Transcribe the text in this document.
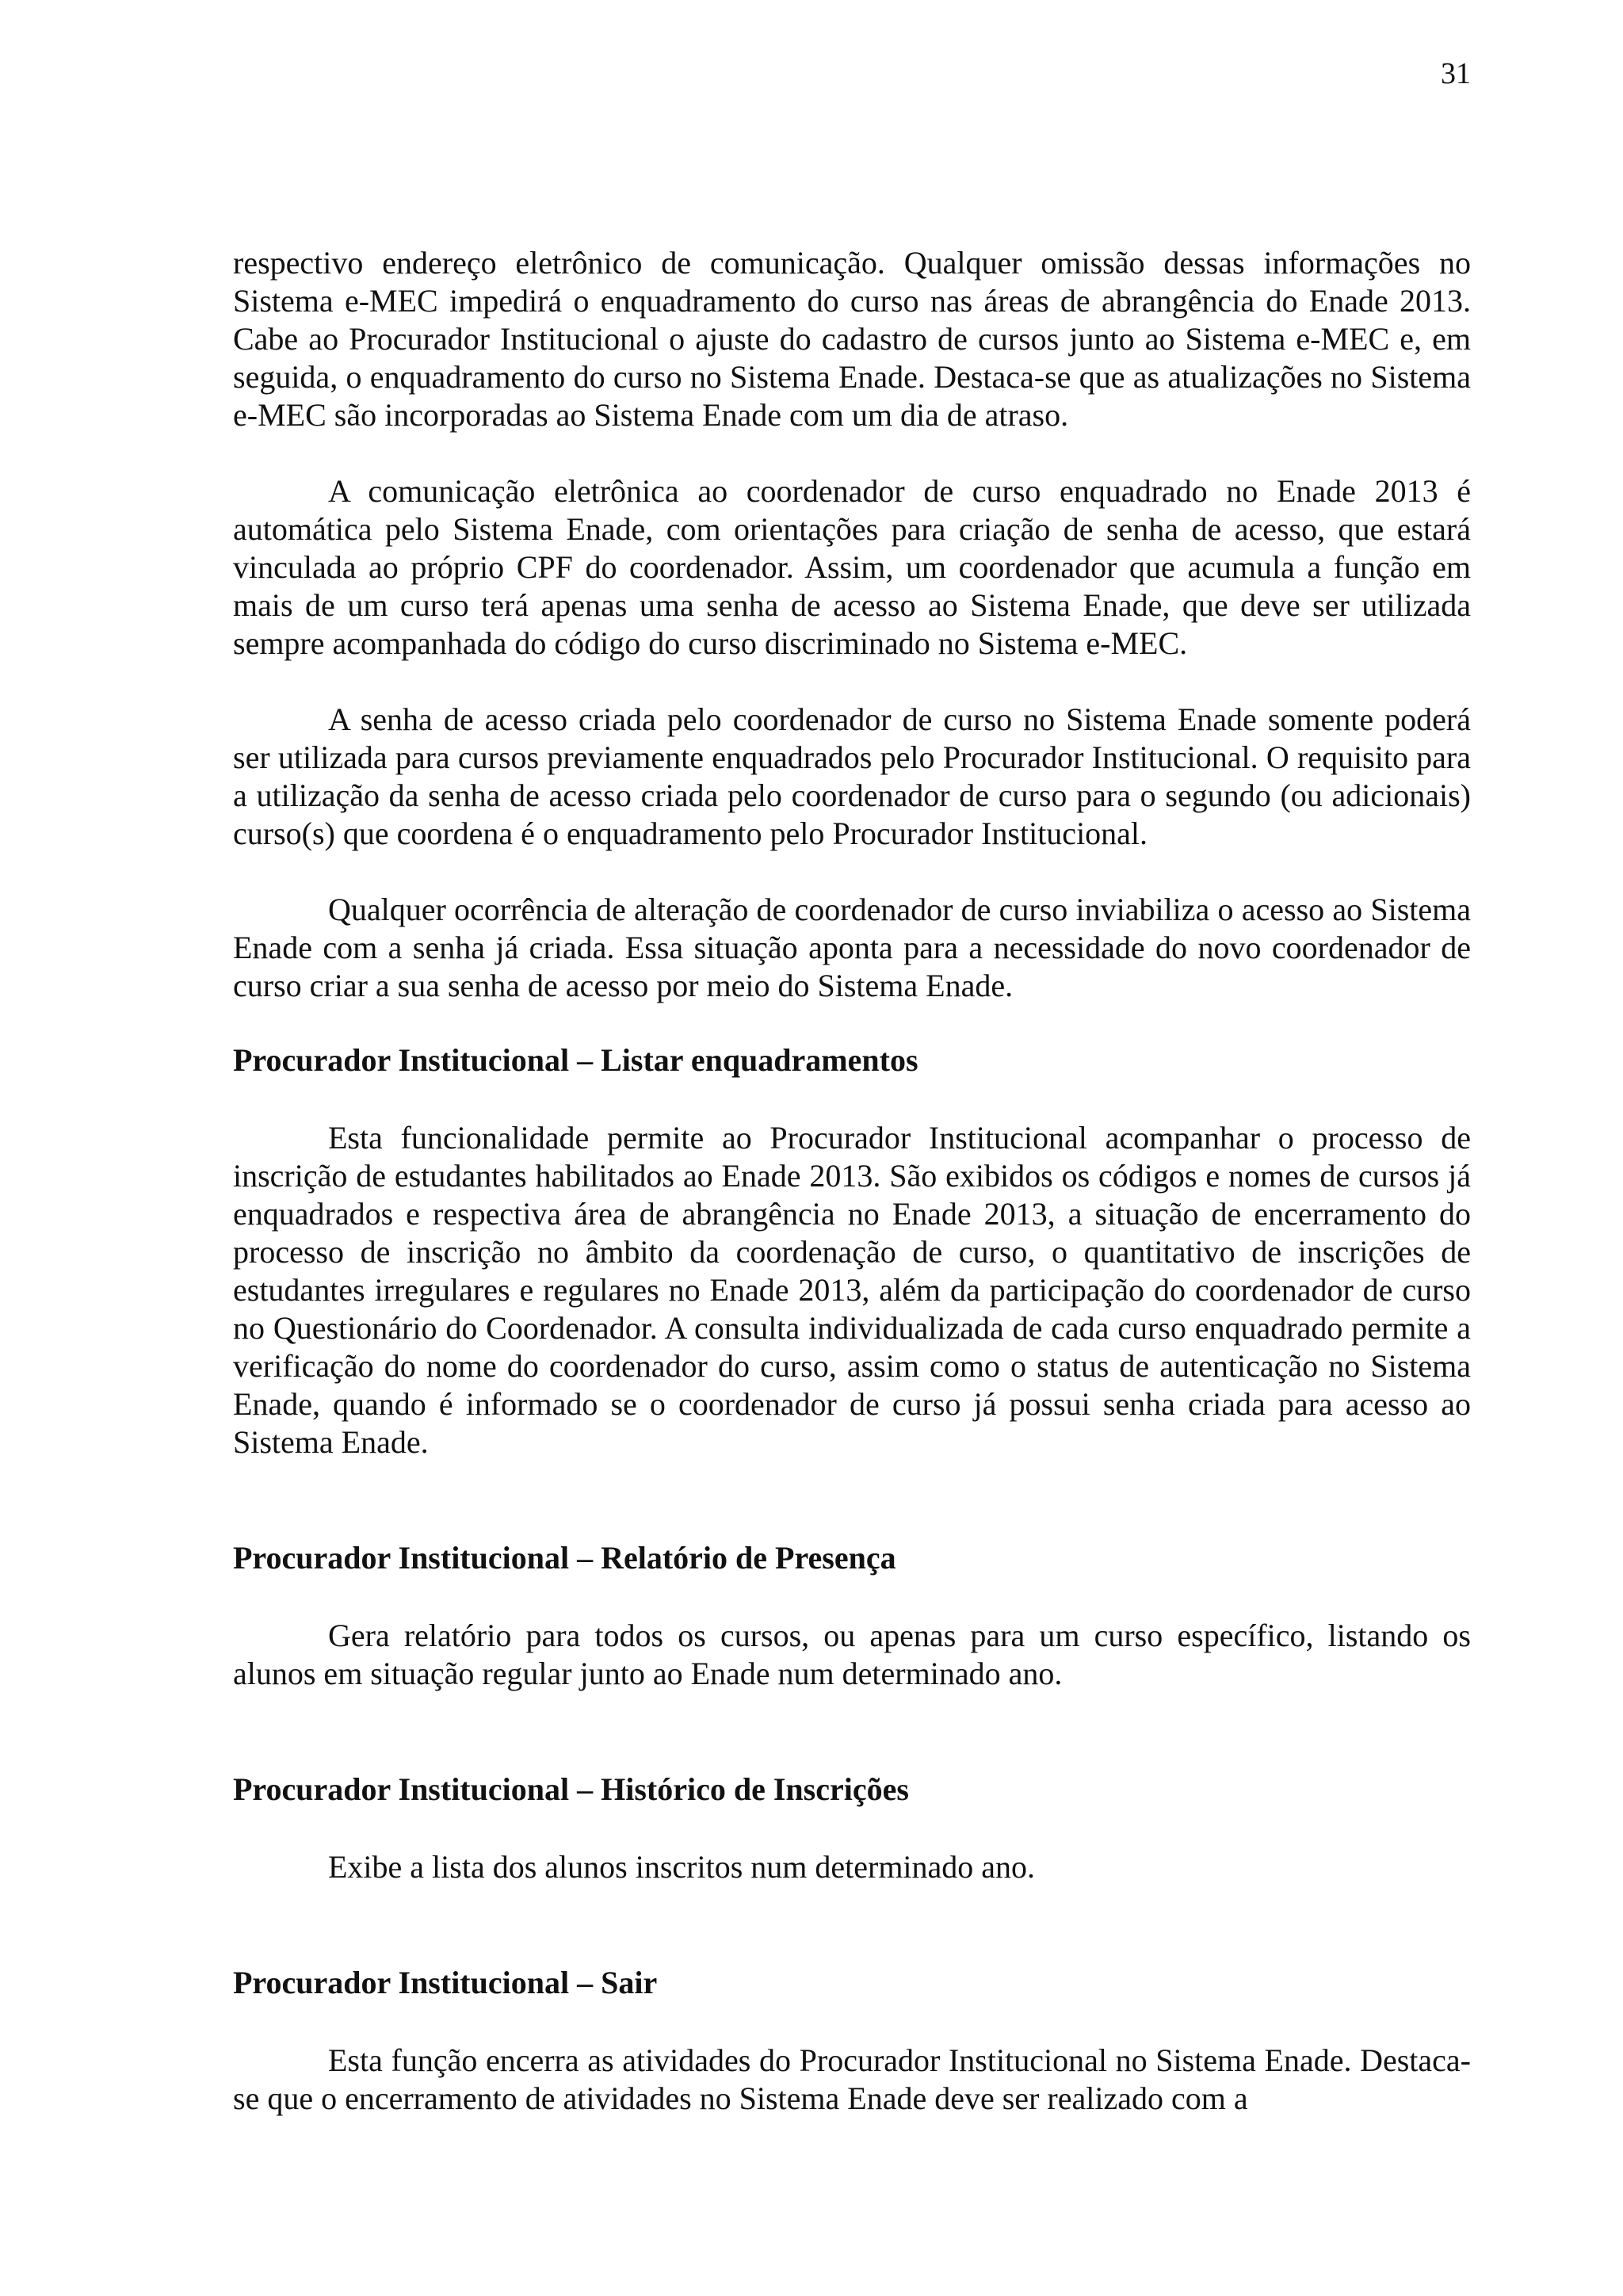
31

respectivo endereço eletrônico de comunicação. Qualquer omissão dessas informações no Sistema e-MEC impedirá o enquadramento do curso nas áreas de abrangência do Enade 2013. Cabe ao Procurador Institucional o ajuste do cadastro de cursos junto ao Sistema e-MEC e, em seguida, o enquadramento do curso no Sistema Enade. Destaca-se que as atualizações no Sistema e-MEC são incorporadas ao Sistema Enade com um dia de atraso.

A comunicação eletrônica ao coordenador de curso enquadrado no Enade 2013 é automática pelo Sistema Enade, com orientações para criação de senha de acesso, que estará vinculada ao próprio CPF do coordenador. Assim, um coordenador que acumula a função em mais de um curso terá apenas uma senha de acesso ao Sistema Enade, que deve ser utilizada sempre acompanhada do código do curso discriminado no Sistema e-MEC.

A senha de acesso criada pelo coordenador de curso no Sistema Enade somente poderá ser utilizada para cursos previamente enquadrados pelo Procurador Institucional. O requisito para a utilização da senha de acesso criada pelo coordenador de curso para o segundo (ou adicionais) curso(s) que coordena é o enquadramento pelo Procurador Institucional.

Qualquer ocorrência de alteração de coordenador de curso inviabiliza o acesso ao Sistema Enade com a senha já criada. Essa situação aponta para a necessidade do novo coordenador de curso criar a sua senha de acesso por meio do Sistema Enade.

Procurador Institucional – Listar enquadramentos

Esta funcionalidade permite ao Procurador Institucional acompanhar o processo de inscrição de estudantes habilitados ao Enade 2013. São exibidos os códigos e nomes de cursos já enquadrados e respectiva área de abrangência no Enade 2013, a situação de encerramento do processo de inscrição no âmbito da coordenação de curso, o quantitativo de inscrições de estudantes irregulares e regulares no Enade 2013, além da participação do coordenador de curso no Questionário do Coordenador. A consulta individualizada de cada curso enquadrado permite a verificação do nome do coordenador do curso, assim como o status de autenticação no Sistema Enade, quando é informado se o coordenador de curso já possui senha criada para acesso ao Sistema Enade.

Procurador Institucional – Relatório de Presença

Gera relatório para todos os cursos, ou apenas para um curso específico, listando os alunos em situação regular junto ao Enade num determinado ano.

Procurador Institucional – Histórico de Inscrições

Exibe a lista dos alunos inscritos num determinado ano.

Procurador Institucional – Sair

Esta função encerra as atividades do Procurador Institucional no Sistema Enade. Destaca-se que o encerramento de atividades no Sistema Enade deve ser realizado com a
